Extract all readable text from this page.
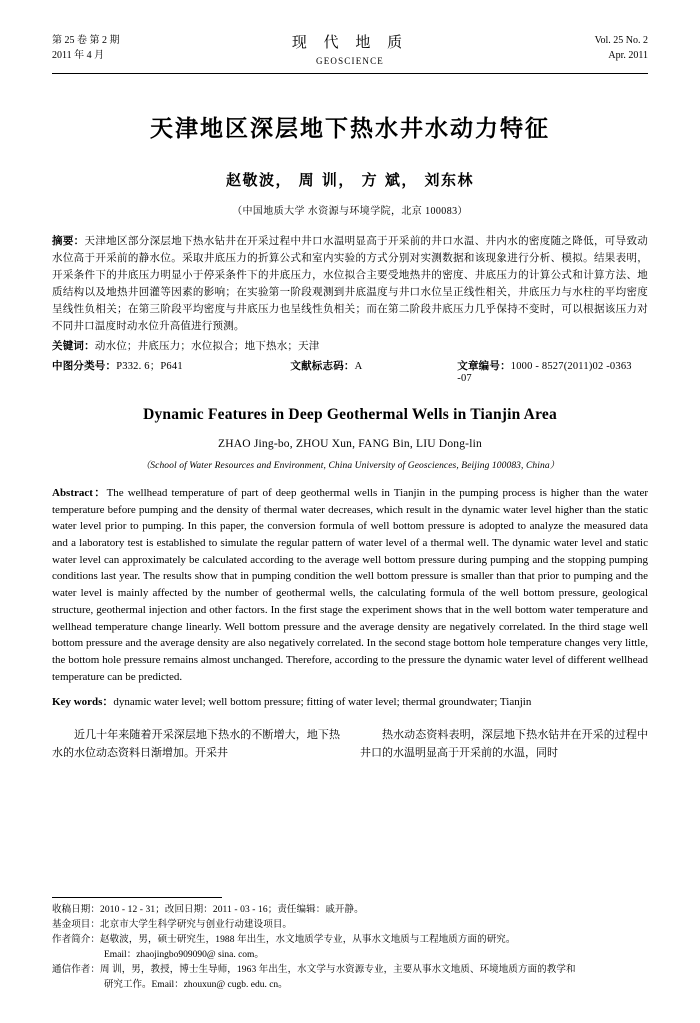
第 25 卷 第 2 期
2011 年 4 月
现 代 地 质
GEOSCIENCE
Vol. 25 No. 2
Apr. 2011
天津地区深层地下热水井水动力特征
赵敬波， 周 训， 方 斌， 刘东林
（中国地质大学 水资源与环境学院，北京 100083）
摘要：天津地区部分深层地下热水钻井在开采过程中井口水温明显高于开采前的井口水温、井内水的密度随之降低，可导致动水位高于开采前的静水位。采取井底压力的折算公式和室内实验的方式分别对实测数据和该现象进行分析、模拟。结果表明，开采条件下的井底压力明显小于停采条件下的井底压力，水位拟合主要受地热井的密度、井底压力的计算公式和计算方法、地质结构以及地热井回灌等因素的影响；在实验第一阶段观测到井底温度与井口水位呈正线性相关，井底压力与水柱的平均密度呈线性负相关；在第三阶段平均密度与井底压力也呈线性负相关；而在第二阶段井底压力几乎保持不变时，可以根据该压力对不同井口温度时动水位升高值进行预测。
关键词：动水位；井底压力；水位拟合；地下热水；天津
中图分类号：P332. 6；P641	文献标志码：A	文章编号：1000 - 8527(2011)02 -0363 -07
Dynamic Features in Deep Geothermal Wells in Tianjin Area
ZHAO Jing-bo, ZHOU Xun, FANG Bin, LIU Dong-lin
（School of Water Resources and Environment, China University of Geosciences, Beijing 100083, China）
Abstract：The wellhead temperature of part of deep geothermal wells in Tianjin in the pumping process is higher than the water temperature before pumping and the density of thermal water decreases, which result in the dynamic water level higher than the static water level prior to pumping. In this paper, the conversion formula of well bottom pressure is adopted to analyze the measured data and a laboratory test is established to simulate the regular pattern of water level of a thermal well. The dynamic water level and static water level can approximately be calculated according to the average well bottom pressure during pumping and the stopping pumping conditions last year. The results show that in pumping condition the well bottom pressure is smaller than that prior to pumping and the water level is mainly affected by the number of geothermal wells, the calculating formula of the well bottom pressure, geological structure, geothermal injection and other factors. In the first stage the experiment shows that in the well bottom water temperature and wellhead temperature change linearly. Well bottom pressure and the average density are negatively correlated. In the third stage well bottom pressure and the average density are also negatively correlated. In the second stage bottom hole temperature changes very little, the bottom hole pressure remains almost unchanged. Therefore, according to the pressure the dynamic water level of different wellhead temperature can be predicted.
Key words：dynamic water level; well bottom pressure; fitting of water level; thermal groundwater; Tianjin

近几十年来随着开采深层地下热水的不断增大，地下热水的水位动态资料日渐增加。开采井

热水动态资料表明，深层地下热水钻井在开采的过程中井口的水温明显高于开采前的水温，同时

收稿日期： 2010 - 12 - 31；改回日期：2011 - 03 - 16；责任编辑：戚开静。
基金项目： 北京市大学生科学研究与创业行动建设项目。
作者简介： 赵敬波，男，硕士研究生，1988 年出生，水文地质学专业，从事水文地质与工程地质方面的研究。
Email：zhaojingbo909090@ sina. com。
通信作者： 周 训，男，教授，博士生导师，1963 年出生，水文学与水资源专业，主要从事水文地质、环境地质方面的教学和
研究工作。Email：zhouxun@ cugb. edu. cn。
